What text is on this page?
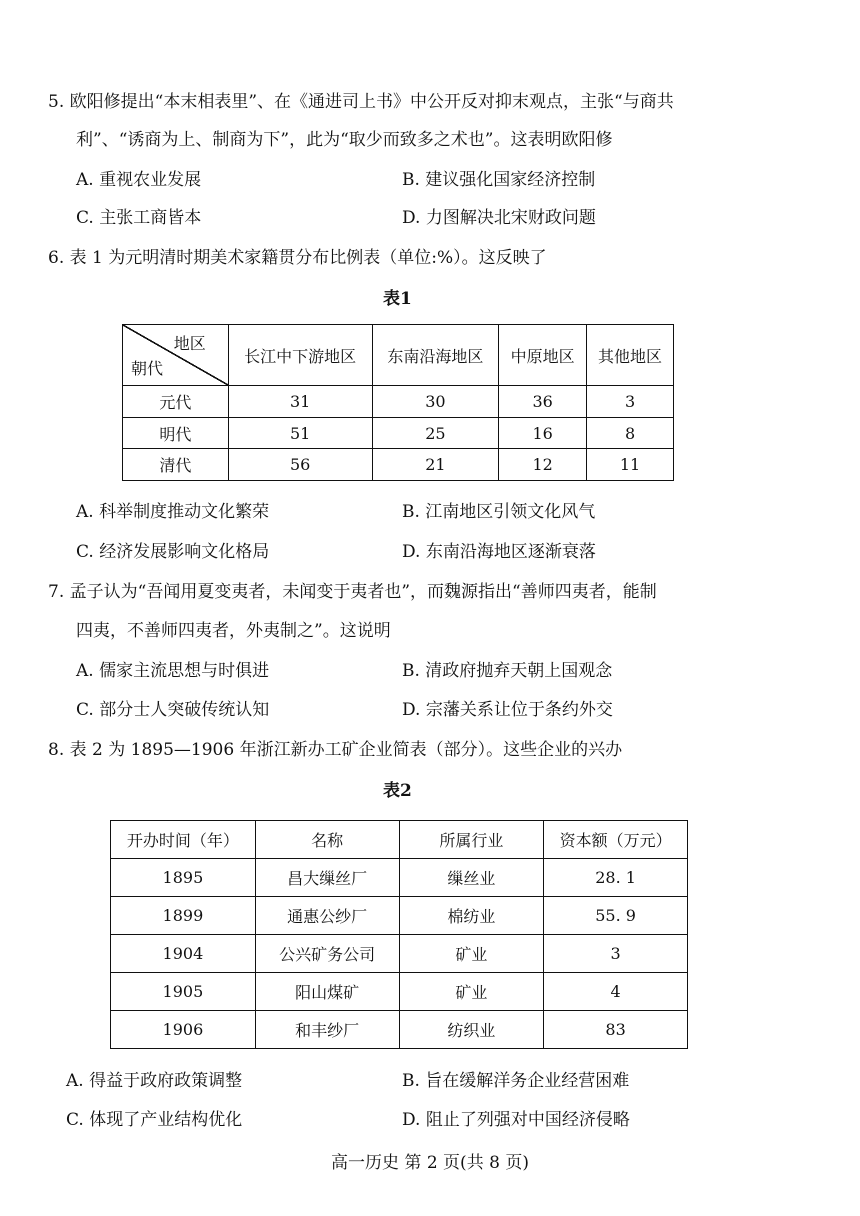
5. 欧阳修提出“本末相表里”、在《通进司上书》中公开反对抑末观点，主张“与商共
利”、“诱商为上、制商为下”，此为“取少而致多之术也”。这表明欧阳修
A. 重视农业发展	B. 建议强化国家经济控制
C. 主张工商皆本	D. 力图解决北宋财政问题
6. 表 1 为元明清时期美术家籍贯分布比例表（单位:%）。这反映了
表1
地区
朝代	长江中下游地区	东南沿海地区	中原地区	其他地区
元代	31	30	36	3
明代	51	25	16	8
清代	56	21	12	11
A. 科举制度推动文化繁荣	B. 江南地区引领文化风气
C. 经济发展影响文化格局	D. 东南沿海地区逐渐衰落
7. 孟子认为“吾闻用夏变夷者，未闻变于夷者也”，而魏源指出“善师四夷者，能制
四夷，不善师四夷者，外夷制之”。这说明
A. 儒家主流思想与时俱进	B. 清政府抛弃天朝上国观念
C. 部分士人突破传统认知	D. 宗藩关系让位于条约外交
8. 表 2 为 1895—1906 年浙江新办工矿企业简表（部分）。这些企业的兴办
表2
开办时间（年）	名称	所属行业	资本额（万元）
1895	昌大缫丝厂	缫丝业	28. 1
1899	通惠公纱厂	棉纺业	55. 9
1904	公兴矿务公司	矿业	3
1905	阳山煤矿	矿业	4
1906	和丰纱厂	纺织业	83
A. 得益于政府政策调整	B. 旨在缓解洋务企业经营困难
C. 体现了产业结构优化	D. 阻止了列强对中国经济侵略
高一历史 第 2 页(共 8 页)
